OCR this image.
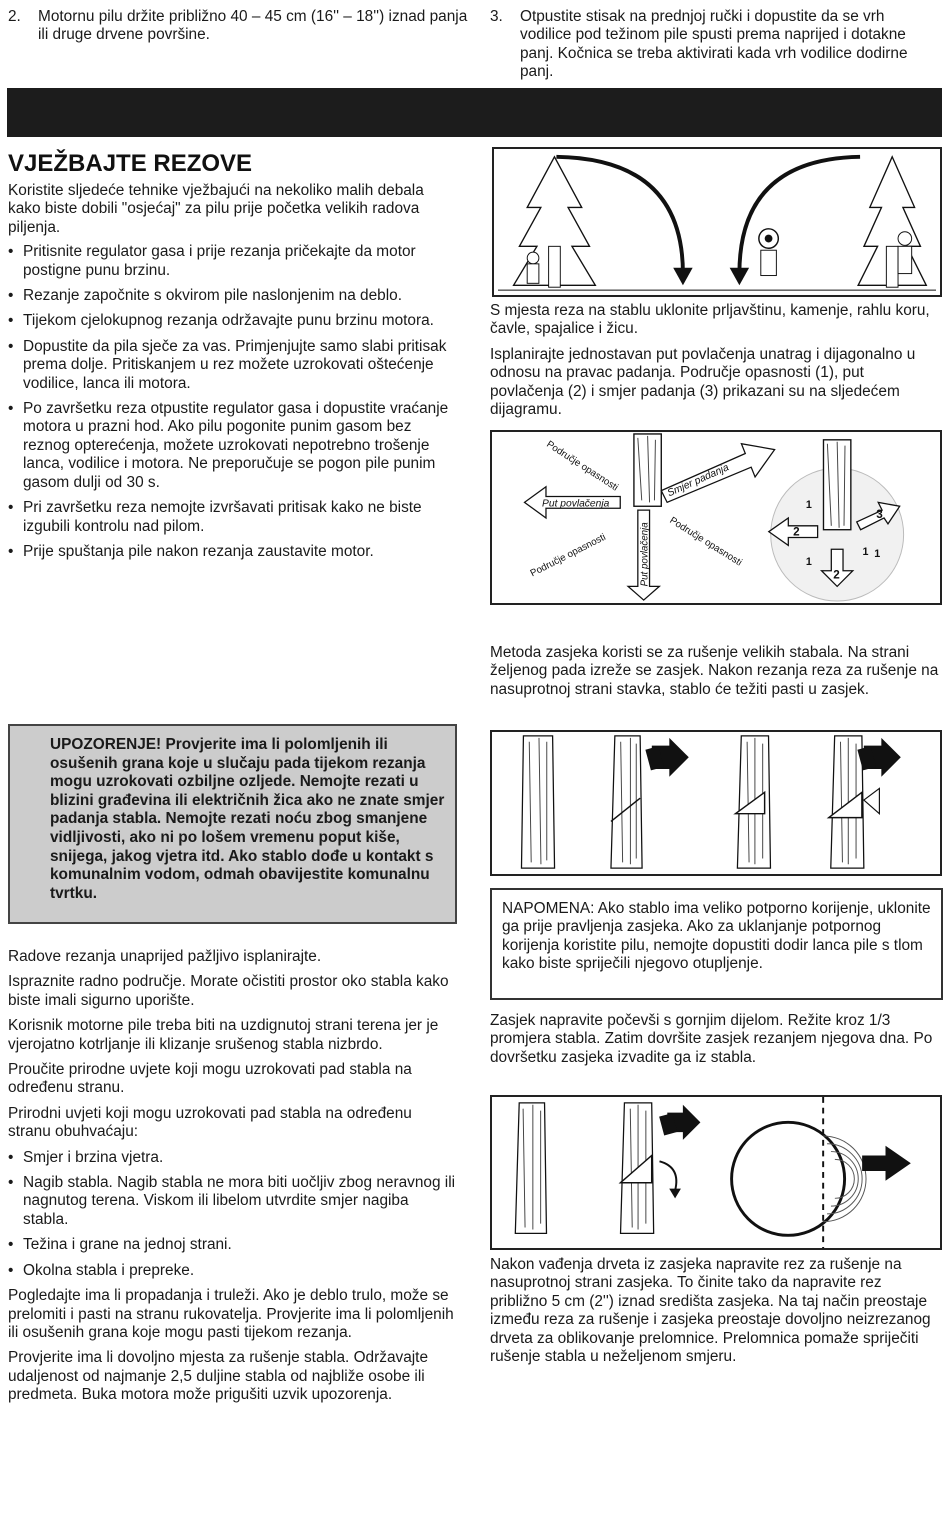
2. Motornu pilu držite približno 40 – 45 cm (16'' – 18'') iznad panja ili druge drvene površine.
3. Otpustite stisak na prednjoj ručki i dopustite da se vrh vodilice pod težinom pile spusti prema naprijed i dotakne panj. Kočnica se treba aktivirati kada vrh vodilice dodirne panj.
VJEŽBAJTE REZOVE

Koristite sljedeće tehnike vježbajući na nekoliko malih debala kako biste dobili "osjećaj" za pilu prije početka velikih radova piljenja.

• Pritisnite regulator gasa i prije rezanja pričekajte da motor postigne punu brzinu.
• Rezanje započnite s okvirom pile naslonjenim na deblo.
• Tijekom cjelokupnog rezanja održavajte punu brzinu motora.
• Dopustite da pila sječe za vas. Primjenjujte samo slabi pritisak prema dolje. Pritiskanjem u rez možete uzrokovati oštećenje vodilice, lanca ili motora.
• Po završetku reza otpustite regulator gasa i dopustite vraćanje motora u prazni hod. Ako pilu pogonite punim gasom bez reznog opterećenja, možete uzrokovati nepotrebno trošenje lanca, vodilice i motora. Ne preporučuje se pogon pile punim gasom dulji od 30 s.
• Pri završetku reza nemojte izvršavati pritisak kako ne biste izgubili kontrolu nad pilom.
• Prije spuštanja pile nakon rezanja zaustavite motor.

UPOZORENJE! Provjerite ima li polomljenih ili osušenih grana koje u slučaju pada tijekom rezanja mogu uzrokovati ozbiljne ozljede. Nemojte rezati u blizini građevina ili električnih žica ako ne znate smjer padanja stabla. Nemojte rezati noću zbog smanjene vidljivosti, ako ni po lošem vremenu poput kiše, snijega, jakog vjetra itd. Ako stablo dođe u kontakt s komunalnim vodom, odmah obavijestite komunalnu tvrtku.

Radove rezanja unaprijed pažljivo isplanirajte.

Ispraznite radno područje. Morate očistiti prostor oko stabla kako biste imali sigurno uporište.

Korisnik motorne pile treba biti na uzdignutoj strani terena jer je vjerojatno kotrljanje ili klizanje srušenog stabla nizbrdo.

Proučite prirodne uvjete koji mogu uzrokovati pad stabla na određenu stranu.

Prirodni uvjeti koji mogu uzrokovati pad stabla na određenu stranu obuhvaćaju:

• Smjer i brzina vjetra.
• Nagib stabla. Nagib stabla ne mora biti uočljiv zbog neravnog ili nagnutog terena. Viskom ili libelom utvrdite smjer nagiba stabla.
• Težina i grane na jednoj strani.
• Okolna stabla i prepreke.

Pogledajte ima li propadanja i truleži. Ako je deblo trulo, može se prelomiti i pasti na stranu rukovatelja. Provjerite ima li polomljenih ili osušenih grana koje mogu pasti tijekom rezanja.

Provjerite ima li dovoljno mjesta za rušenje stabla. Održavajte udaljenost od najmanje 2,5 duljine stabla od najbliže osobe ili predmeta. Buka motora može prigušiti uzvik upozorenja.

S mjesta reza na stablu uklonite prljavštinu, kamenje, rahlu koru, čavle, spajalice i žicu.

Isplanirajte jednostavan put povlačenja unatrag i dijagonalno u odnosu na pravac padanja. Područje opasnosti (1), put povlačenja (2) i smjer padanja (3) prikazani su na sljedećem dijagramu.

Područje opasnosti
Put povlačenja
Smjer padanja
Područje opasnosti	Put povlačenja Područje opasnosti	2
3
2
1
1
1
1

Metoda zasjeka koristi se za rušenje velikih stabala. Na strani željenog pada izreže se zasjek. Nakon rezanja reza za rušenje na nasuprotnoj strani stavka, stablo će težiti pasti u zasjek.

NAPOMENA: Ako stablo ima veliko potporno korijenje, uklonite ga prije pravljenja zasjeka. Ako za uklanjanje potpornog korijenja koristite pilu, nemojte dopustiti dodir lanca pile s tlom kako biste spriječili njegovo otupljenje.

Zasjek napravite počevši s gornjim dijelom. Režite kroz 1/3 promjera stabla. Zatim dovršite zasjek rezanjem njegova dna. Po dovršetku zasjeka izvadite ga iz stabla.

Nakon vađenja drveta iz zasjeka napravite rez za rušenje na nasuprotnoj strani zasjeka. To činite tako da napravite rez približno 5 cm (2'') iznad središta zasjeka. Na taj način preostaje između reza za rušenje i zasjeka preostaje dovoljno neizrezanog drveta za oblikovanje prelomnice. Prelomnica pomaže spriječiti rušenje stabla u neželjenom smjeru.
